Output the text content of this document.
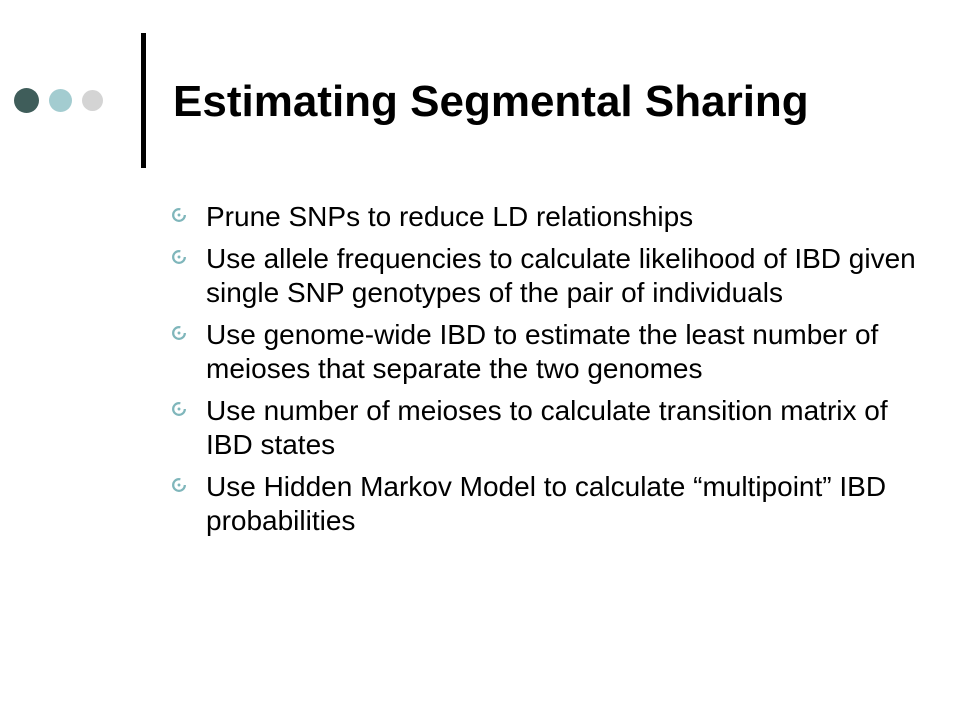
Estimating Segmental Sharing
Prune SNPs to reduce LD relationships
Use allele frequencies to calculate likelihood of IBD given single SNP genotypes of the pair of individuals
Use genome-wide IBD to estimate the least number of meioses that separate the two genomes
Use number of meioses to calculate transition matrix of IBD states
Use Hidden Markov Model to calculate “multipoint” IBD probabilities
